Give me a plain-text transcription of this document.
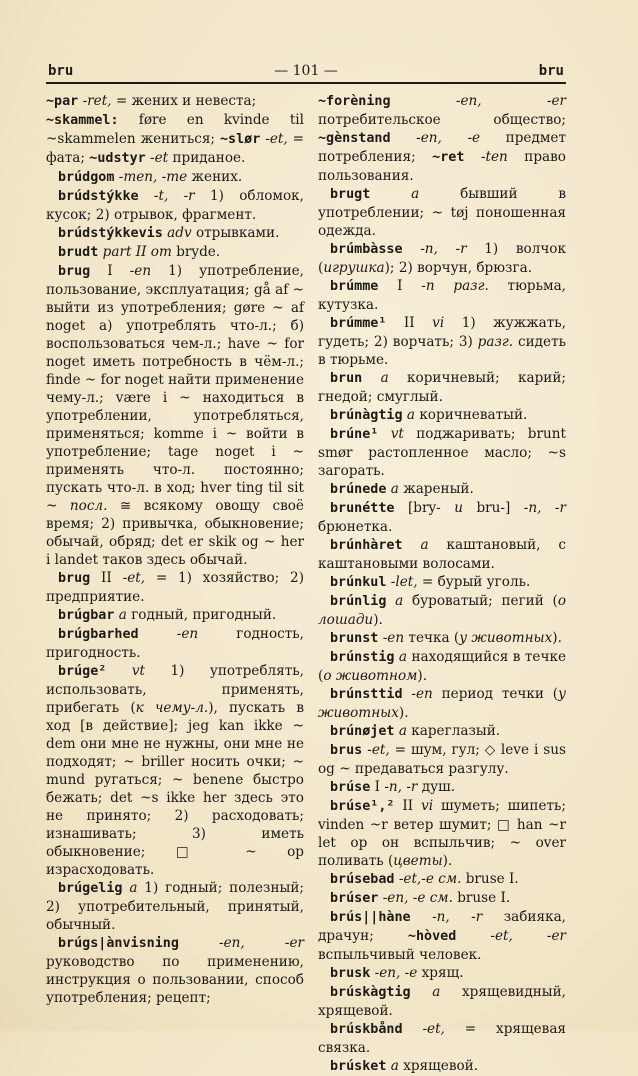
bru	— 101 —	bru

~par -ret, = жених и невеста;

~skammel: føre en kvinde til ~skammelen жениться; ~slør -et, = фата; ~udstyr -et приданое.

brúdgom -men, -me жених.

brúdstýkke -t, -r 1) обломок, кусок; 2) отрывок, фрагмент.

brúdstýkkevis adv отрывками.

brudt part II om bryde.

brug I -en 1) употребление, пользование, эксплуатация; gå af ~ выйти из употребления; gøre ~ af noget а) употреблять что-л.; б) воспользоваться чем-л.; have ~ for noget иметь потребность в чём-л.; finde ~ for noget найти применение чему-л.; være i ~ находиться в употреблении, употребляться, применяться; komme i ~ войти в употребление; tage noget i ~ применять что-л. постоянно; пускать что-л. в ход; hver ting til sit ~ посл. ≅ всякому овощу своё время; 2) привычка, обыкновение; обычай, обряд; det er skik og ~ her i landet таков здесь обычай.

brug II -et, = 1) хозяйство; 2) предприятие.

brúgbar a годный, пригодный.

brúgbarhed -en годность, пригодность.

brúge² vt 1) употреблять, использовать, применять, прибегать (к чему-л.), пускать в ход [в действие]; jeg kan ikke ~ dem они мне не нужны, они мне не подходят; ~ briller носить очки; ~ mund ругаться; ~ benene быстро бежать; det ~s ikke her здесь это не принято; 2) расходовать; изнашивать; 3) иметь обыкновение; □ ~ op израсходовать.

brúgelig a 1) годный; полезный; 2) употребительный, принятый, обычный.

brúgs|ànvisning -en, -er руководство по применению, инструкция о пользовании, способ употребления; рецепт;

~forèning -en, -er потребительское общество; ~gènstand -en, -e предмет потребления; ~ret -ten право пользования.

brugt a бывший в употреблении; ~ tøj поношенная одежда.

brúmbàsse -n, -r 1) волчок (игрушка); 2) ворчун, брюзга.

brúmme I -n разг. тюрьма, кутузка.

brúmme¹ II vi 1) жужжать, гудеть; 2) ворчать; 3) разг. сидеть в тюрьме.

brun a коричневый; карий; гнедой; смуглый.

brúnàgtig a коричневатый.

brúne¹ vt поджаривать; brunt smør растопленное масло; ~s загорать.

brúnede a жареный.

brunétte [bry- u bru-] -n, -r брюнетка.

brúnhàret a каштановый, с каштановыми волосами.

brúnkul -let, = бурый уголь.

brúnlig a буроватый; пегий (о лошади).

brunst -en течка (у животных).

brúnstig a находящийся в течке (о животном).

brúnsttid -en период течки (у животных).

brúnøjet a кареглазый.

brus -et, = шум, гул; ◇ leve i sus og ~ предаваться разгулу.

brúse I -n, -r душ.

brúse¹,² II vi шуметь; шипеть; vinden ~r ветер шумит; □ han ~r let op он вспыльчив; ~ over поливать (цветы).

brúsebad -et,-e см. bruse I.

brúser -en, -e см. bruse I.

brús||hàne -n, -r забияка, драчун; ~hòved -et, -er вспыльчивый человек.

brusk -en, -e хрящ.

brúskàgtig a хрящевидный, хрящевой.

brúskbånd -et, = хрящевая связка.

brúsket a хрящевой.
